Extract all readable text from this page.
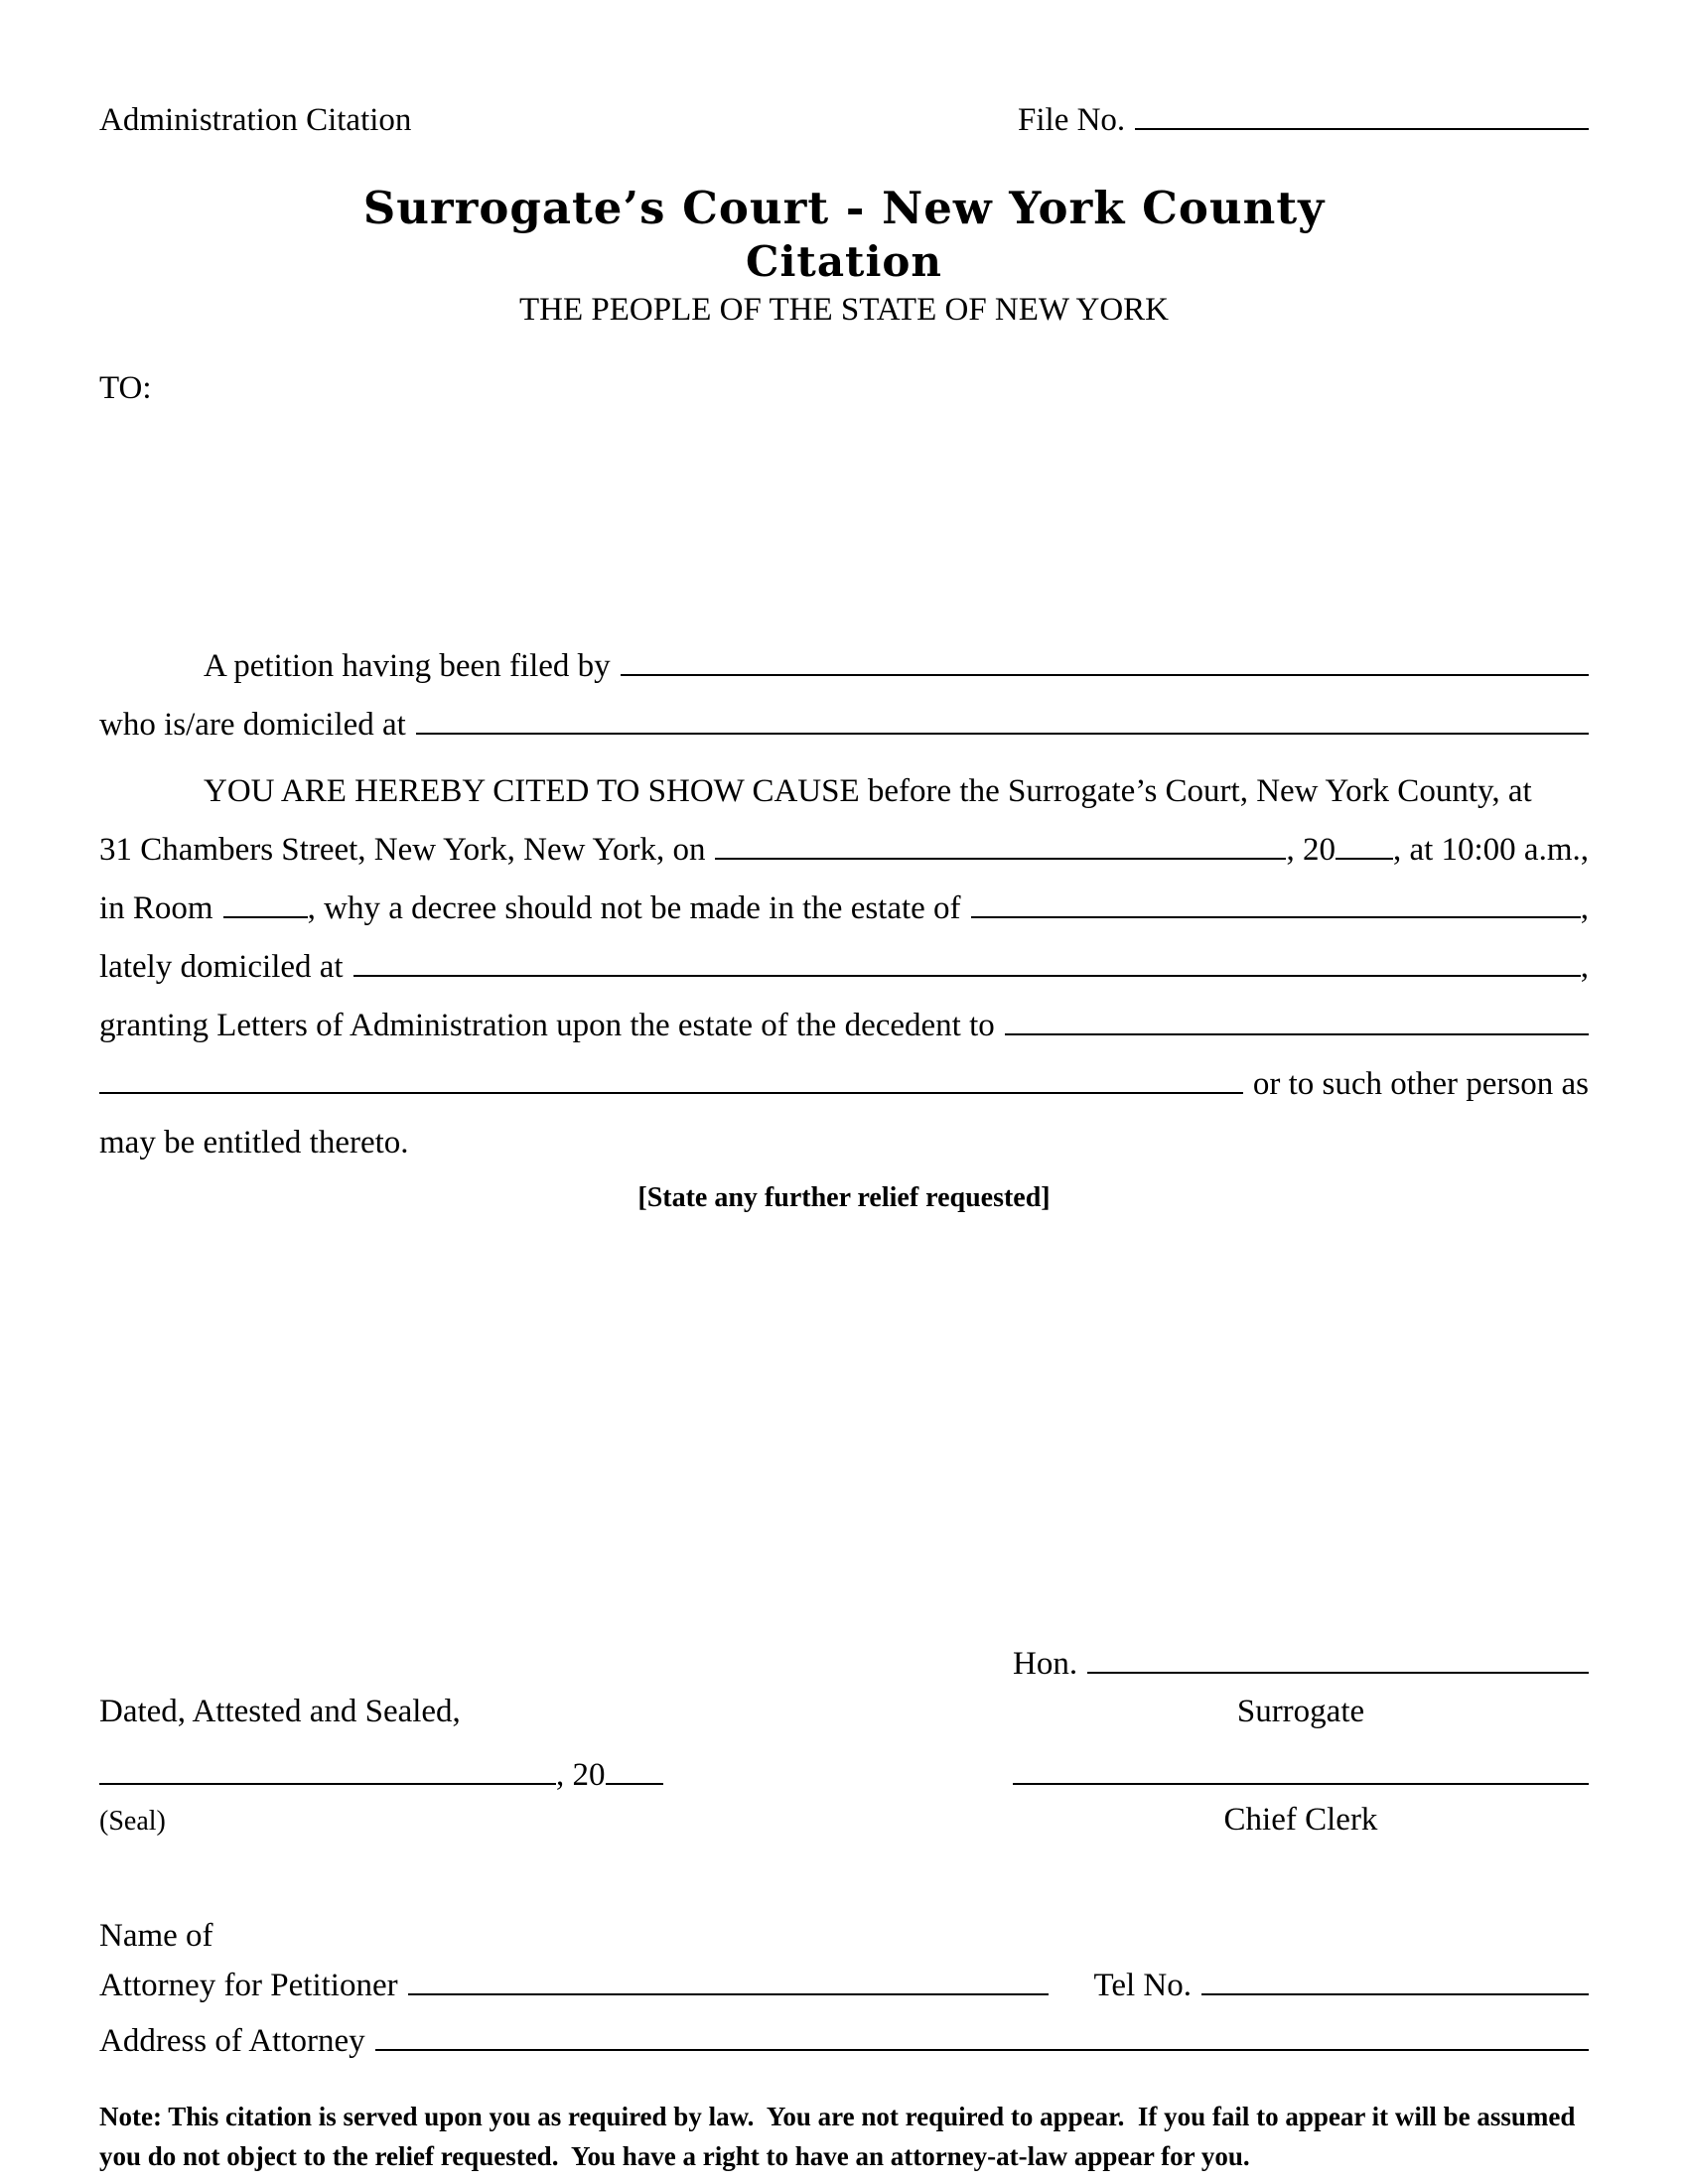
Administration Citation	File No.
Surrogate’s Court - New York County
Citation
THE PEOPLE OF THE STATE OF NEW YORK
TO:
A petition having been filed by
who is/are domiciled at
YOU ARE HEREBY CITED TO SHOW CAUSE before the Surrogate’s Court, New York County, at
31 Chambers Street, New York, New York, on	, 20 , at 10:00 a.m.,
in Room	, why a decree should not be made in the estate of	,
lately domiciled at	,
granting Letters of Administration upon the estate of the decedent to
or to such other person as
may be entitled thereto.
[State any further relief requested]
Hon.
Dated, Attested and Sealed,	Surrogate
, 20
(Seal)	Chief Clerk
Name of
Attorney for Petitioner	Tel No.
Address of Attorney
Note: This citation is served upon you as required by law.  You are not required to appear.  If you fail to appear it will be assumed you do not object to the relief requested.  You have a right to have an attorney-at-law appear for you.
